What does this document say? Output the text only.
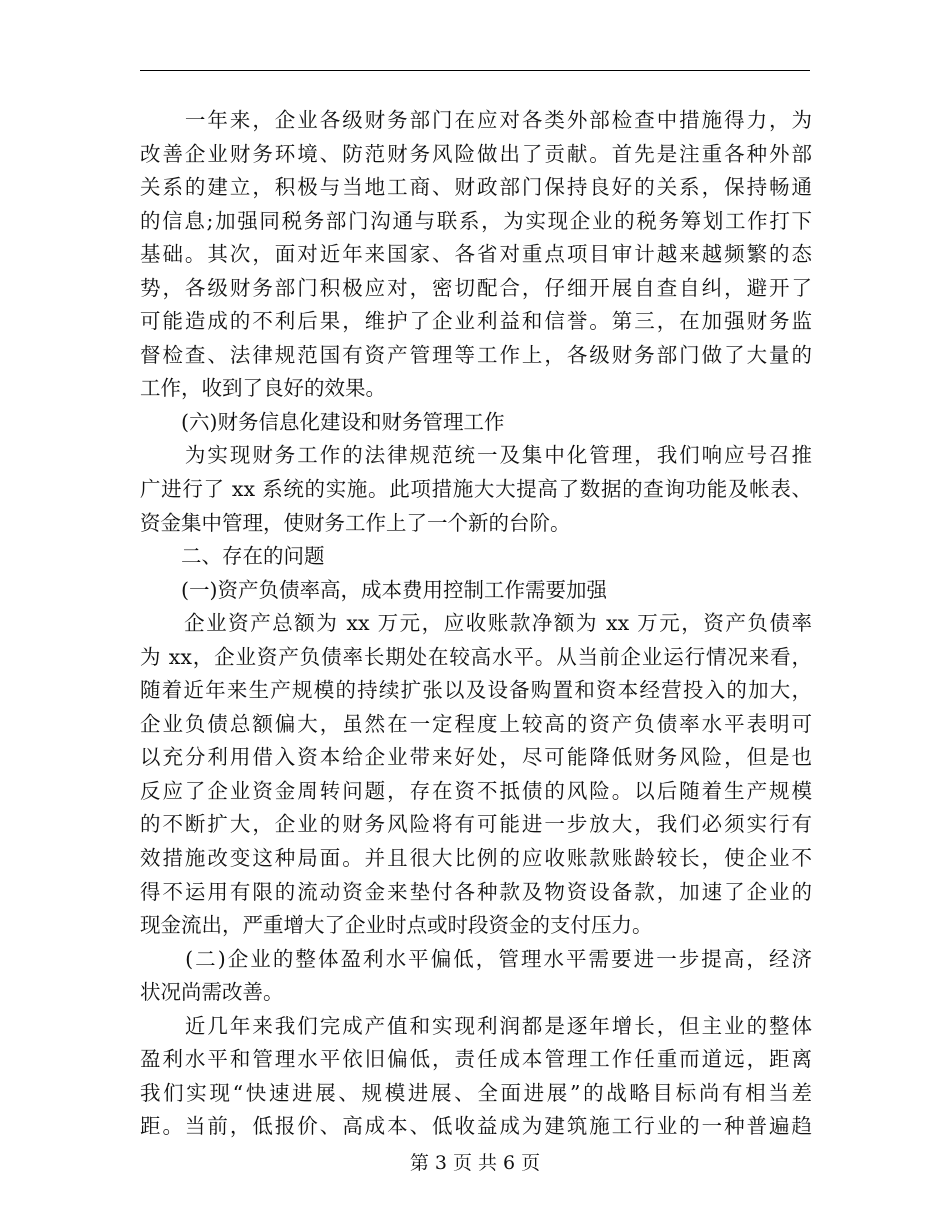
　　一年来，企业各级财务部门在应对各类外部检查中措施得力，为
改善企业财务环境、防范财务风险做出了贡献。首先是注重各种外部
关系的建立，积极与当地工商、财政部门保持良好的关系，保持畅通
的信息;加强同税务部门沟通与联系，为实现企业的税务筹划工作打下
基础。其次，面对近年来国家、各省对重点项目审计越来越频繁的态
势，各级财务部门积极应对，密切配合，仔细开展自查自纠，避开了
可能造成的不利后果，维护了企业利益和信誉。第三，在加强财务监
督检查、法律规范国有资产管理等工作上，各级财务部门做了大量的
工作，收到了良好的效果。
　　(六)财务信息化建设和财务管理工作
　　为实现财务工作的法律规范统一及集中化管理，我们响应号召推
广进行了 xx 系统的实施。此项措施大大提高了数据的查询功能及帐表、
资金集中管理，使财务工作上了一个新的台阶。
　　二、存在的问题
　　(一)资产负债率高，成本费用控制工作需要加强
　　企业资产总额为 xx 万元，应收账款净额为 xx 万元，资产负债率
为 xx，企业资产负债率长期处在较高水平。从当前企业运行情况来看，
随着近年来生产规模的持续扩张以及设备购置和资本经营投入的加大，
企业负债总额偏大，虽然在一定程度上较高的资产负债率水平表明可
以充分利用借入资本给企业带来好处，尽可能降低财务风险，但是也
反应了企业资金周转问题，存在资不抵债的风险。以后随着生产规模
的不断扩大，企业的财务风险将有可能进一步放大，我们必须实行有
效措施改变这种局面。并且很大比例的应收账款账龄较长，使企业不
得不运用有限的流动资金来垫付各种款及物资设备款，加速了企业的
现金流出，严重增大了企业时点或时段资金的支付压力。
　　(二)企业的整体盈利水平偏低，管理水平需要进一步提高，经济
状况尚需改善。
　　近几年来我们完成产值和实现利润都是逐年增长，但主业的整体
盈利水平和管理水平依旧偏低，责任成本管理工作任重而道远，距离
我们实现“快速进展、规模进展、全面进展”的战略目标尚有相当差
距。当前，低报价、高成本、低收益成为建筑施工行业的一种普遍趋
第 3 页 共 6 页
